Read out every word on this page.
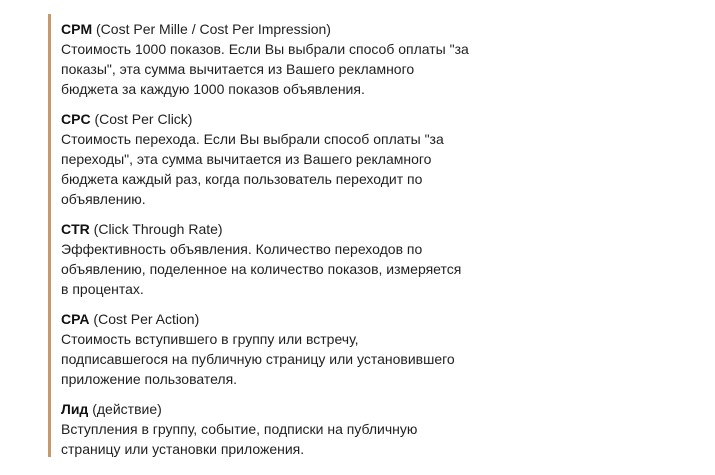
CPM (Cost Per Mille / Cost Per Impression)
Стоимость 1000 показов. Если Вы выбрали способ оплаты "за
показы", эта сумма вычитается из Вашего рекламного
бюджета за каждую 1000 показов объявления.
CPC (Cost Per Click)
Стоимость перехода. Если Вы выбрали способ оплаты "за
переходы", эта сумма вычитается из Вашего рекламного
бюджета каждый раз, когда пользователь переходит по
объявлению.
CTR (Click Through Rate)
Эффективность объявления. Количество переходов по
объявлению, поделенное на количество показов, измеряется
в процентах.
CPA (Cost Per Action)
Стоимость вступившего в группу или встречу,
подписавшегося на публичную страницу или установившего
приложение пользователя.
Лид (действие)
Вступления в группу, событие, подписки на публичную
страницу или установки приложения.
